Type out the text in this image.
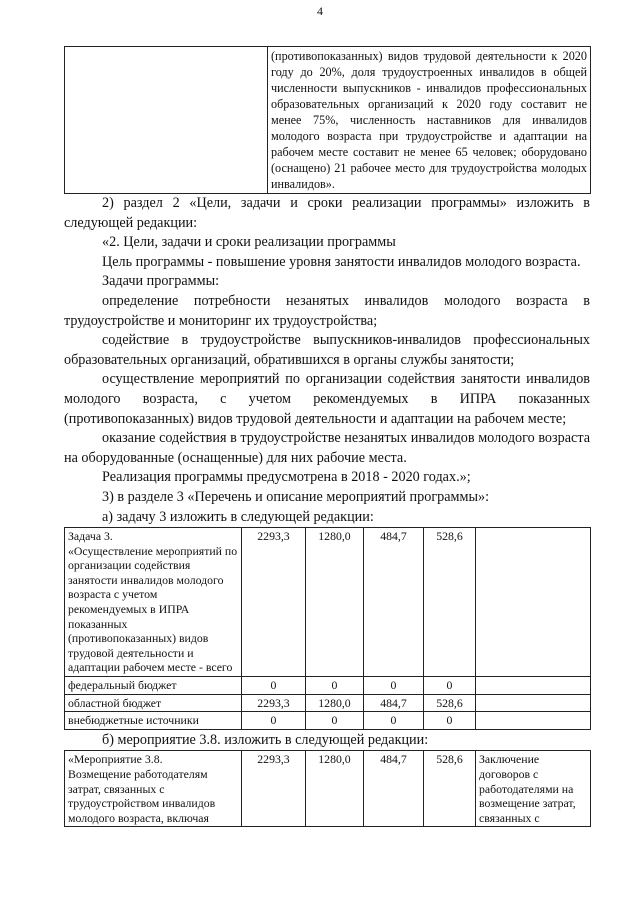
4
	(противопоказанных) видов трудовой деятельности к 2020 году до 20%, доля трудоустроенных инвалидов в общей численности выпускников - инвалидов профессиональных образовательных организаций к 2020 году составит не менее 75%, численность наставников для инвалидов молодого возраста при трудоустройстве и адаптации на рабочем месте составит не менее 65 человек; оборудовано (оснащено) 21 рабочее место для трудоустройства молодых инвалидов».

2) раздел 2 «Цели, задачи и сроки реализации программы» изложить в следующей редакции:

«2. Цели, задачи и сроки реализации программы

Цель программы - повышение уровня занятости инвалидов молодого возраста.

Задачи программы:

определение потребности незанятых инвалидов молодого возраста в трудоустройстве и мониторинг их трудоустройства;

содействие в трудоустройстве выпускников-инвалидов профессиональных образовательных организаций, обратившихся в органы службы занятости;

осуществление мероприятий по организации содействия занятости инвалидов молодого возраста, с учетом рекомендуемых в ИПРА показанных (противопоказанных) видов трудовой деятельности и адаптации на рабочем месте;

оказание содействия в трудоустройстве незанятых инвалидов молодого возраста на оборудованные (оснащенные) для них рабочие места.

Реализация программы предусмотрена в 2018 - 2020 годах.»;

3) в разделе 3 «Перечень и описание мероприятий программы»:

а) задачу 3 изложить в следующей редакции:

Задача 3.
«Осуществление мероприятий по организации содействия занятости инвалидов молодого возраста с учетом рекомендуемых в ИПРА показанных (противопоказанных) видов трудовой деятельности и адаптации рабочем месте - всего	2293,3	1280,0	484,7	528,6	
федеральный бюджет	0	0	0	0	
областной бюджет	2293,3	1280,0	484,7	528,6	
внебюджетные источники	0	0	0	0	

б) мероприятие 3.8. изложить в следующей редакции:

«Мероприятие 3.8.
Возмещение работодателям затрат, связанных с трудоустройством инвалидов молодого возраста, включая	2293,3	1280,0	484,7	528,6	Заключение договоров с работодателями на возмещение затрат, связанных с
